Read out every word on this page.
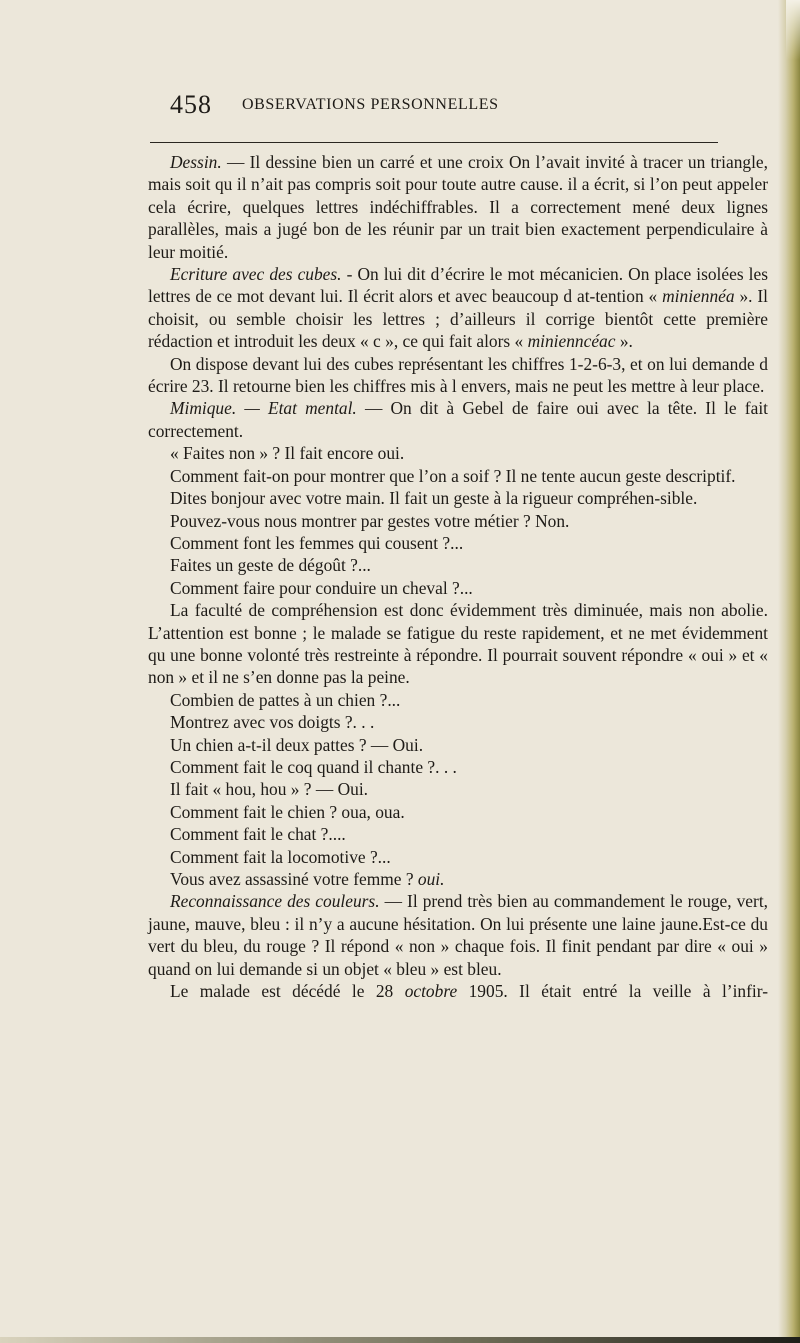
458 OBSERVATIONS PERSONNELLES

Dessin. — Il dessine bien un carré et une croix On l’avait invité à tracer un triangle, mais soit qu il n’ait pas compris soit pour toute autre cause. il a écrit, si l’on peut appeler cela écrire, quelques lettres indéchiffrables. Il a correctement mené deux lignes parallèles, mais a jugé bon de les réunir par un trait bien exactement perpendiculaire à leur moitié.

Ecriture avec des cubes. - On lui dit d’écrire le mot mécanicien. On place isolées les lettres de ce mot devant lui. Il écrit alors et avec beaucoup d at-tention « miniennéa ». Il choisit, ou semble choisir les lettres ; d’ailleurs il corrige bientôt cette première rédaction et introduit les deux « c », ce qui fait alors « minienncéac ».

On dispose devant lui des cubes représentant les chiffres 1-2-6-3, et on lui demande d écrire 23. Il retourne bien les chiffres mis à l envers, mais ne peut les mettre à leur place.

Mimique. — Etat mental. — On dit à Gebel de faire oui avec la tête. Il le fait correctement.

« Faites non » ? Il fait encore oui.

Comment fait-on pour montrer que l’on a soif ? Il ne tente aucun geste descriptif.

Dites bonjour avec votre main. Il fait un geste à la rigueur compréhen-sible.

Pouvez-vous nous montrer par gestes votre métier ? Non.

Comment font les femmes qui cousent ?...

Faites un geste de dégoût ?...

Comment faire pour conduire un cheval ?...

La faculté de compréhension est donc évidemment très diminuée, mais non abolie. L’attention est bonne ; le malade se fatigue du reste rapidement, et ne met évidemment qu une bonne volonté très restreinte à répondre. Il pourrait souvent répondre « oui » et « non » et il ne s’en donne pas la peine.

Combien de pattes à un chien ?...

Montrez avec vos doigts ?. . .

Un chien a-t-il deux pattes ? — Oui.

Comment fait le coq quand il chante ?. . .

Il fait « hou, hou » ? — Oui.

Comment fait le chien ? oua, oua.

Comment fait le chat ?....

Comment fait la locomotive ?...

Vous avez assassiné votre femme ? oui.

Reconnaissance des couleurs. — Il prend très bien au commandement le rouge, vert, jaune, mauve, bleu : il n’y a aucune hésitation. On lui présente une laine jaune.Est-ce du vert du bleu, du rouge ? Il répond « non » chaque fois. Il finit pendant par dire « oui » quand on lui demande si un objet « bleu » est bleu.

Le malade est décédé le 28 octobre 1905. Il était entré la veille à l’infir-
